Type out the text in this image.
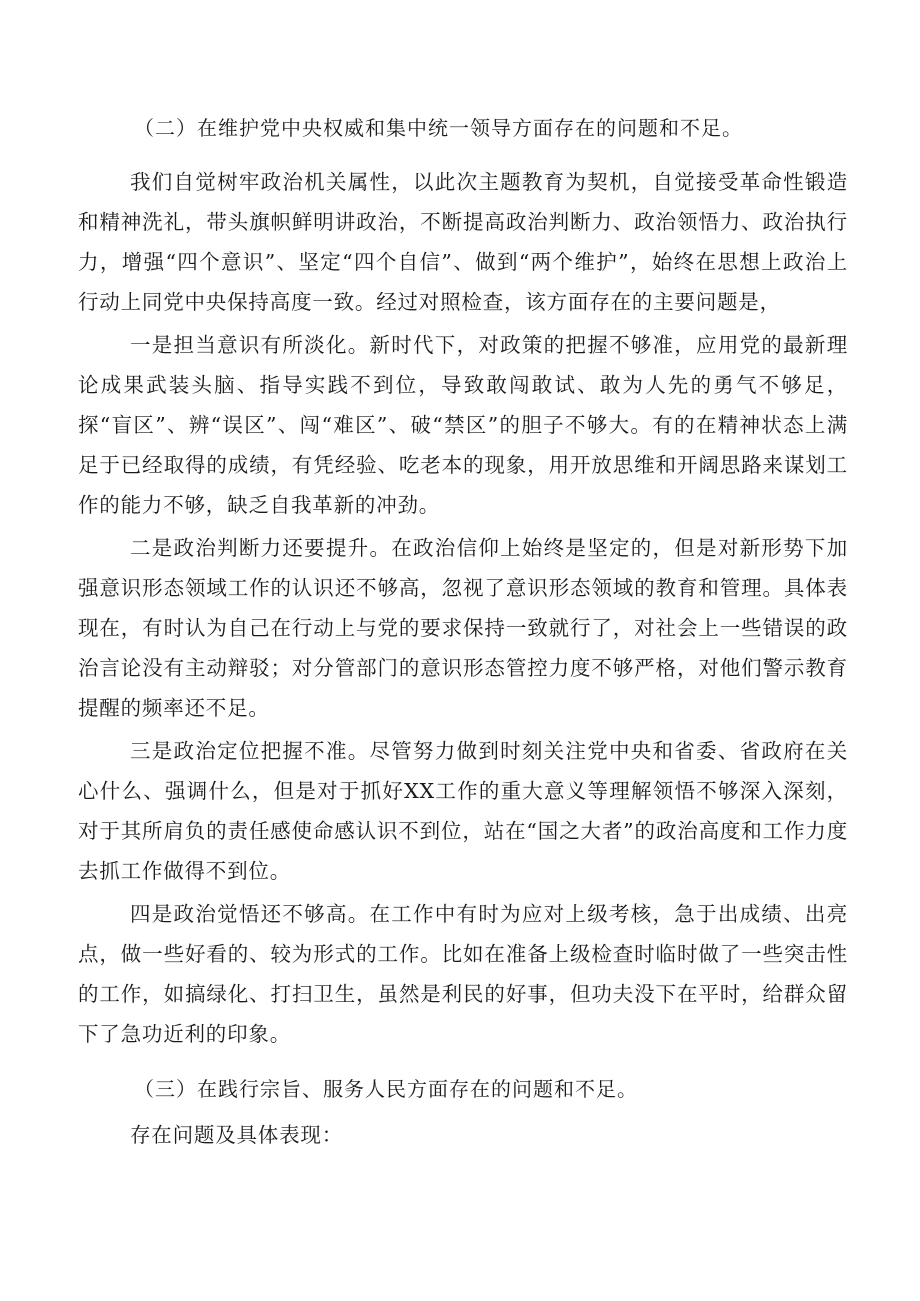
（二）在维护党中央权威和集中统一领导方面存在的问题和不足。

我们自觉树牢政治机关属性，以此次主题教育为契机，自觉接受革命性锻造和精神洗礼，带头旗帜鲜明讲政治，不断提高政治判断力、政治领悟力、政治执行力，增强“四个意识”、坚定“四个自信”、做到“两个维护”，始终在思想上政治上行动上同党中央保持高度一致。经过对照检查，该方面存在的主要问题是，

一是担当意识有所淡化。新时代下，对政策的把握不够准，应用党的最新理论成果武装头脑、指导实践不到位，导致敢闯敢试、敢为人先的勇气不够足，探“盲区”、辨“误区”、闯“难区”、破“禁区”的胆子不够大。有的在精神状态上满足于已经取得的成绩，有凭经验、吃老本的现象，用开放思维和开阔思路来谋划工作的能力不够，缺乏自我革新的冲劲。

二是政治判断力还要提升。在政治信仰上始终是坚定的，但是对新形势下加强意识形态领域工作的认识还不够高，忽视了意识形态领域的教育和管理。具体表现在，有时认为自己在行动上与党的要求保持一致就行了，对社会上一些错误的政治言论没有主动辩驳；对分管部门的意识形态管控力度不够严格，对他们警示教育提醒的频率还不足。

三是政治定位把握不准。尽管努力做到时刻关注党中央和省委、省政府在关心什么、强调什么，但是对于抓好XX工作的重大意义等理解领悟不够深入深刻，对于其所肩负的责任感使命感认识不到位，站在“国之大者”的政治高度和工作力度去抓工作做得不到位。

四是政治觉悟还不够高。在工作中有时为应对上级考核，急于出成绩、出亮点，做一些好看的、较为形式的工作。比如在准备上级检查时临时做了一些突击性的工作，如搞绿化、打扫卫生，虽然是利民的好事，但功夫没下在平时，给群众留下了急功近利的印象。

（三）在践行宗旨、服务人民方面存在的问题和不足。

存在问题及具体表现：
